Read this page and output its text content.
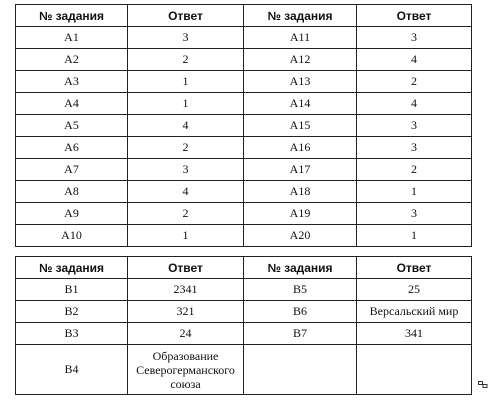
№ задания	Ответ	№ задания	Ответ
A1	3	A11	3
A2	2	A12	4
A3	1	A13	2
A4	1	A14	4
A5	4	A15	3
A6	2	A16	3
A7	3	A17	2
A8	4	A18	1
A9	2	A19	3
A10	1	A20	1
№ задания	Ответ	№ задания	Ответ
B1	2341	B5	25
B2	321	B6	Версальский мир
B3	24	B7	341
B4	Образование Северогерманского союза		
